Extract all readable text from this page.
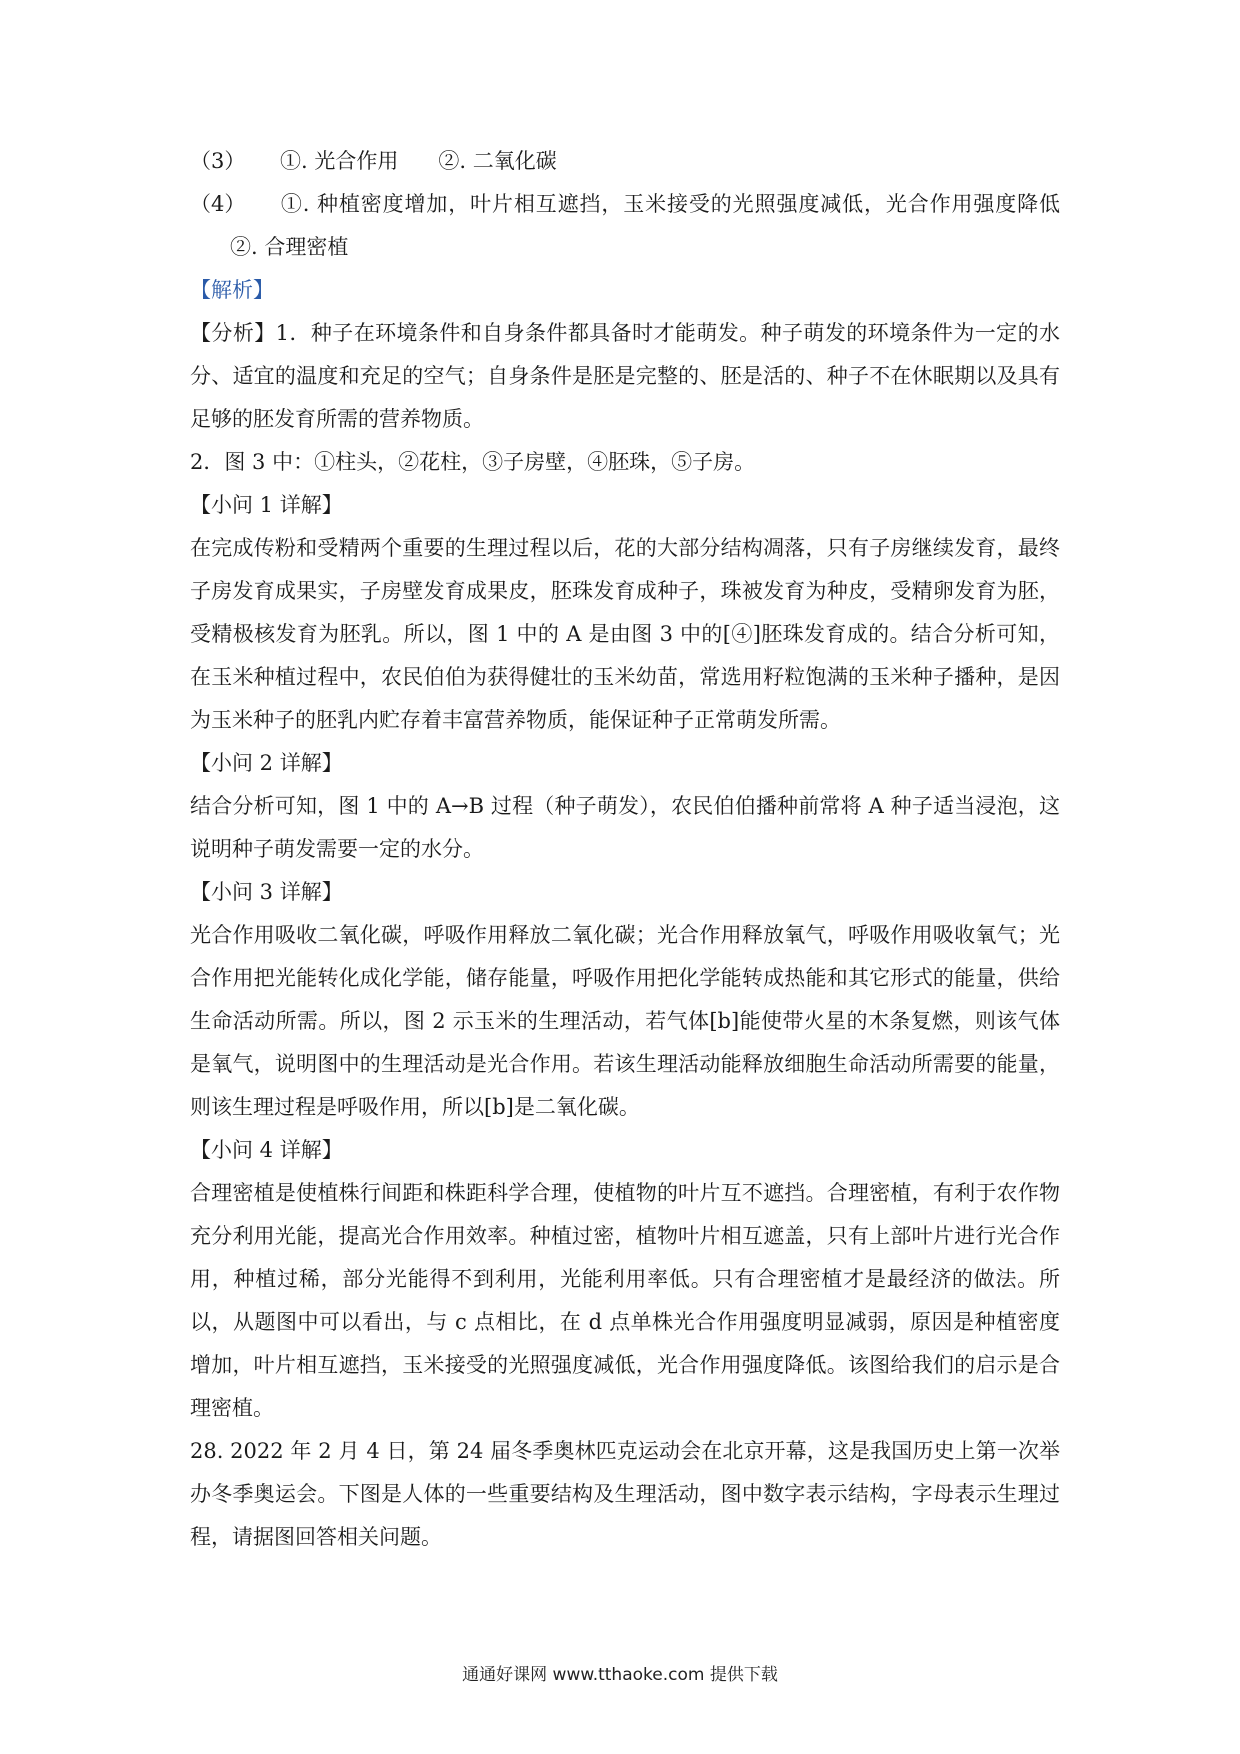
（3） ①. 光合作用 ②. 二氧化碳
（4） ①. 种植密度增加，叶片相互遮挡，玉米接受的光照强度减低，光合作用强度降低②. 合理密植
【解析】
【分析】1．种子在环境条件和自身条件都具备时才能萌发。种子萌发的环境条件为一定的水分、适宜的温度和充足的空气；自身条件是胚是完整的、胚是活的、种子不在休眠期以及具有足够的胚发育所需的营养物质。
2．图 3 中：①柱头，②花柱，③子房壁，④胚珠，⑤子房。
【小问 1 详解】
在完成传粉和受精两个重要的生理过程以后，花的大部分结构凋落，只有子房继续发育，最终子房发育成果实，子房壁发育成果皮，胚珠发育成种子，珠被发育为种皮，受精卵发育为胚，受精极核发育为胚乳。所以，图 1 中的 A 是由图 3 中的[④]胚珠发育成的。结合分析可知，在玉米种植过程中，农民伯伯为获得健壮的玉米幼苗，常选用籽粒饱满的玉米种子播种，是因为玉米种子的胚乳内贮存着丰富营养物质，能保证种子正常萌发所需。
【小问 2 详解】
结合分析可知，图 1 中的 A→B 过程（种子萌发），农民伯伯播种前常将 A 种子适当浸泡，这说明种子萌发需要一定的水分。
【小问 3 详解】
光合作用吸收二氧化碳，呼吸作用释放二氧化碳；光合作用释放氧气，呼吸作用吸收氧气；光合作用把光能转化成化学能，储存能量，呼吸作用把化学能转成热能和其它形式的能量，供给生命活动所需。所以，图 2 示玉米的生理活动，若气体[b]能使带火星的木条复燃，则该气体是氧气，说明图中的生理活动是光合作用。若该生理活动能释放细胞生命活动所需要的能量，则该生理过程是呼吸作用，所以[b]是二氧化碳。
【小问 4 详解】
合理密植是使植株行间距和株距科学合理，使植物的叶片互不遮挡。合理密植，有利于农作物充分利用光能，提高光合作用效率。种植过密，植物叶片相互遮盖，只有上部叶片进行光合作用，种植过稀，部分光能得不到利用，光能利用率低。只有合理密植才是最经济的做法。所以，从题图中可以看出，与 c 点相比，在 d 点单株光合作用强度明显减弱，原因是种植密度增加，叶片相互遮挡，玉米接受的光照强度减低，光合作用强度降低。该图给我们的启示是合理密植。
28. 2022 年 2 月 4 日，第 24 届冬季奥林匹克运动会在北京开幕，这是我国历史上第一次举办冬季奥运会。下图是人体的一些重要结构及生理活动，图中数字表示结构，字母表示生理过程，请据图回答相关问题。
通通好课网 www.tthaoke.com 提供下载
